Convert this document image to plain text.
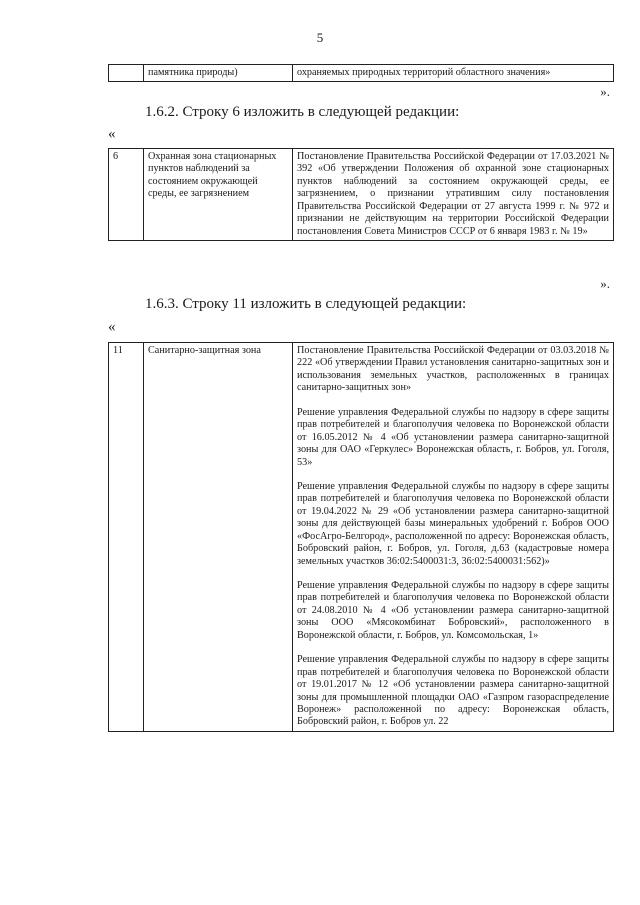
5
	памятника природы)	охраняемых природных территорий областного значения»
».
1.6.2. Строку 6 изложить в следующей редакции:
«
6	Охранная зона стационарных пунктов наблюдений за состоянием окружающей среды, ее загрязнением	Постановление Правительства Российской Федерации от 17.03.2021 № 392 «Об утверждении Положения об охранной зоне стационарных пунктов наблюдений за состоянием окружающей среды, ее загрязнением, о признании утратившим силу постановления Правительства Российской Федерации от 27 августа 1999 г. № 972 и признании не действующим на территории Российской Федерации постановления Совета Министров СССР от 6 января 1983 г. № 19»
».
1.6.3. Строку 11 изложить в следующей редакции:
«
11	Санитарно-защитная зона	Постановление Правительства Российской Федерации от 03.03.2018 № 222 «Об утверждении Правил установления санитарно-защитных зон и использования земельных участков, расположенных в границах санитарно-защитных зон»

Решение управления Федеральной службы по надзору в сфере защиты прав потребителей и благополучия человека по Воронежской области от 16.05.2012 № 4 «Об установлении размера санитарно-защитной зоны для ОАО «Геркулес» Воронежская область, г. Бобров, ул. Гоголя, 53»

Решение управления Федеральной службы по надзору в сфере защиты прав потребителей и благополучия человека по Воронежской области от 19.04.2022 № 29 «Об установлении размера санитарно-защитной зоны для действующей базы минеральных удобрений г. Бобров ООО «ФосАгро-Белгород», расположенной по адресу: Воронежская область, Бобровский район, г. Бобров, ул. Гоголя, д.63 (кадастровые номера земельных участков 36:02:5400031:3, 36:02:5400031:562)»

Решение управления Федеральной службы по надзору в сфере защиты прав потребителей и благополучия человека по Воронежской области от 24.08.2010 № 4 «Об установлении размера санитарно-защитной зоны ООО «Мясокомбинат Бобровский», расположенного в Воронежской области, г. Бобров, ул. Комсомольская, 1»

Решение управления Федеральной службы по надзору в сфере защиты прав потребителей и благополучия человека по Воронежской области от 19.01.2017 № 12 «Об установлении размера санитарно-защитной зоны для промышленной площадки ОАО «Газпром газораспределение Воронеж» расположенной по адресу: Воронежская область, Бобровский район, г. Бобров ул. 22
